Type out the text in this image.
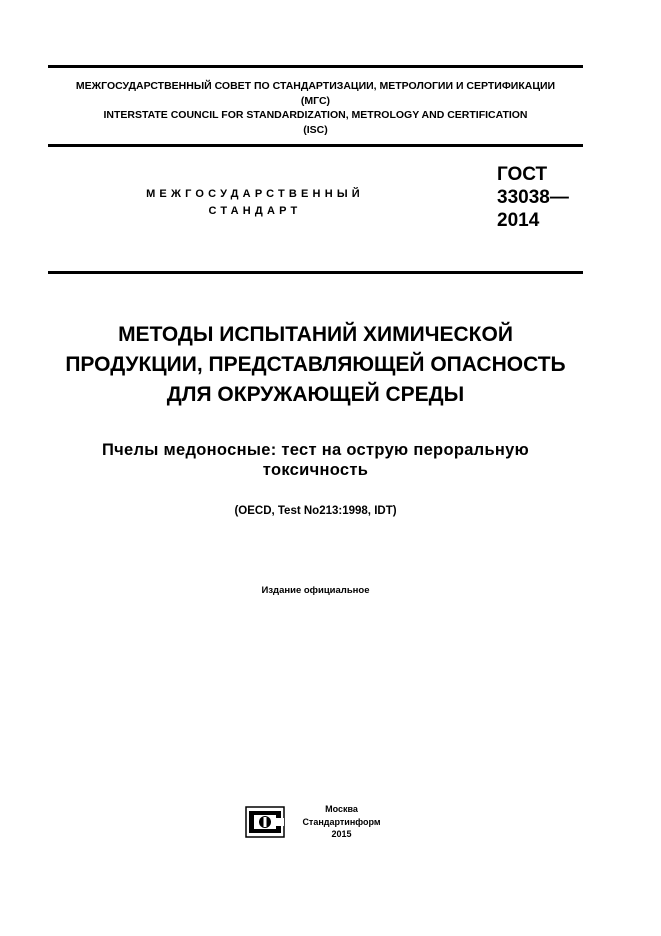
МЕЖГОСУДАРСТВЕННЫЙ СОВЕТ ПО СТАНДАРТИЗАЦИИ, МЕТРОЛОГИИ И СЕРТИФИКАЦИИ
(МГС)
INTERSTATE COUNCIL FOR STANDARDIZATION, METROLOGY AND CERTIFICATION
(ISC)
МЕЖГОСУДАРСТВЕННЫЙ
СТАНДАРТ
ГОСТ
33038—
2014
МЕТОДЫ ИСПЫТАНИЙ ХИМИЧЕСКОЙ
ПРОДУКЦИИ, ПРЕДСТАВЛЯЮЩЕЙ ОПАСНОСТЬ
ДЛЯ ОКРУЖАЮЩЕЙ СРЕДЫ
Пчелы медоносные: тест на острую пероральную
токсичность
(OECD, Test No213:1998, IDT)
Издание официальное
Москва
Стандартинформ
2015
